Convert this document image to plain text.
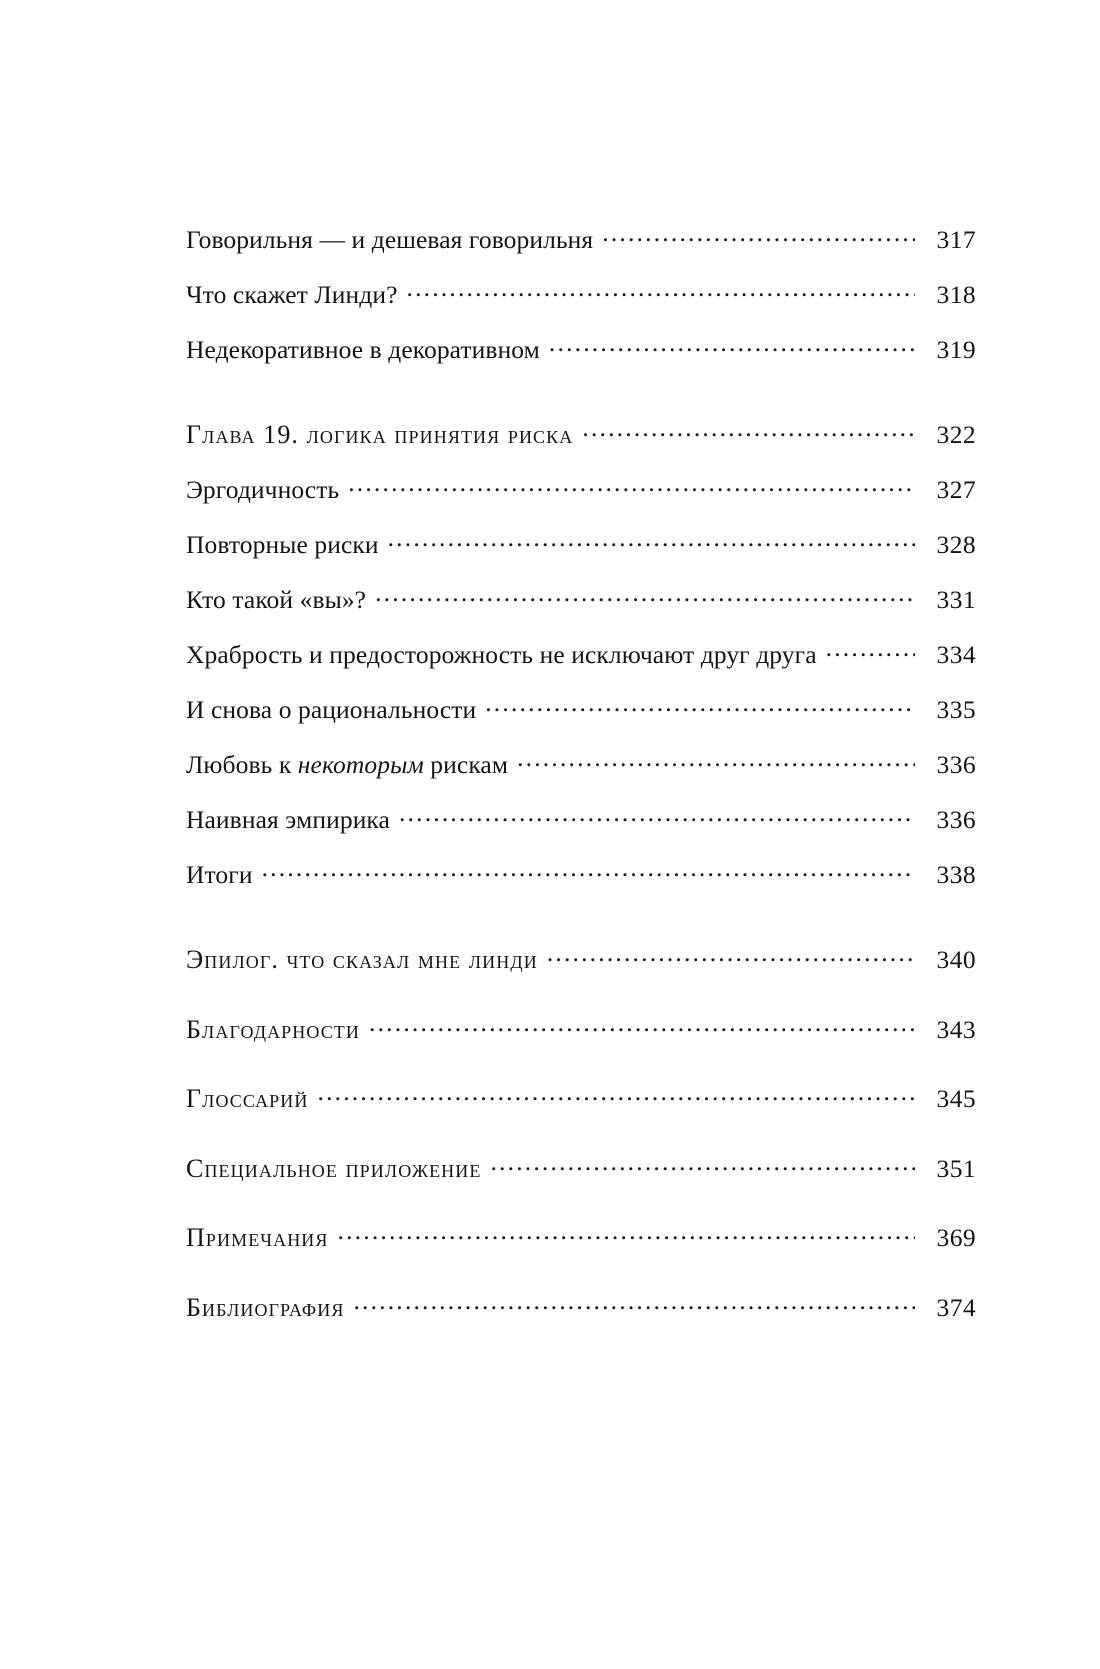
Говорильня — и дешевая говорильня .....	317
Что скажет Линди? .....	318
Недекоративное в декоративном .....	319
Глава 19. логика принятия риска .....	322
Эргодичность .....	327
Повторные риски .....	328
Кто такой «вы»? .....	331
Храбрость и предосторожность не исключают друг друга .....	334
И снова о рациональности .....	335
Любовь к некоторым рискам .....	336
Наивная эмпирика .....	336
Итоги .....	338
Эпилог. что сказал мне линди .....	340
Благодарности .....	343
Глоссарий .....	345
Специальное приложение .....	351
Примечания .....	369
Библиография .....	374
